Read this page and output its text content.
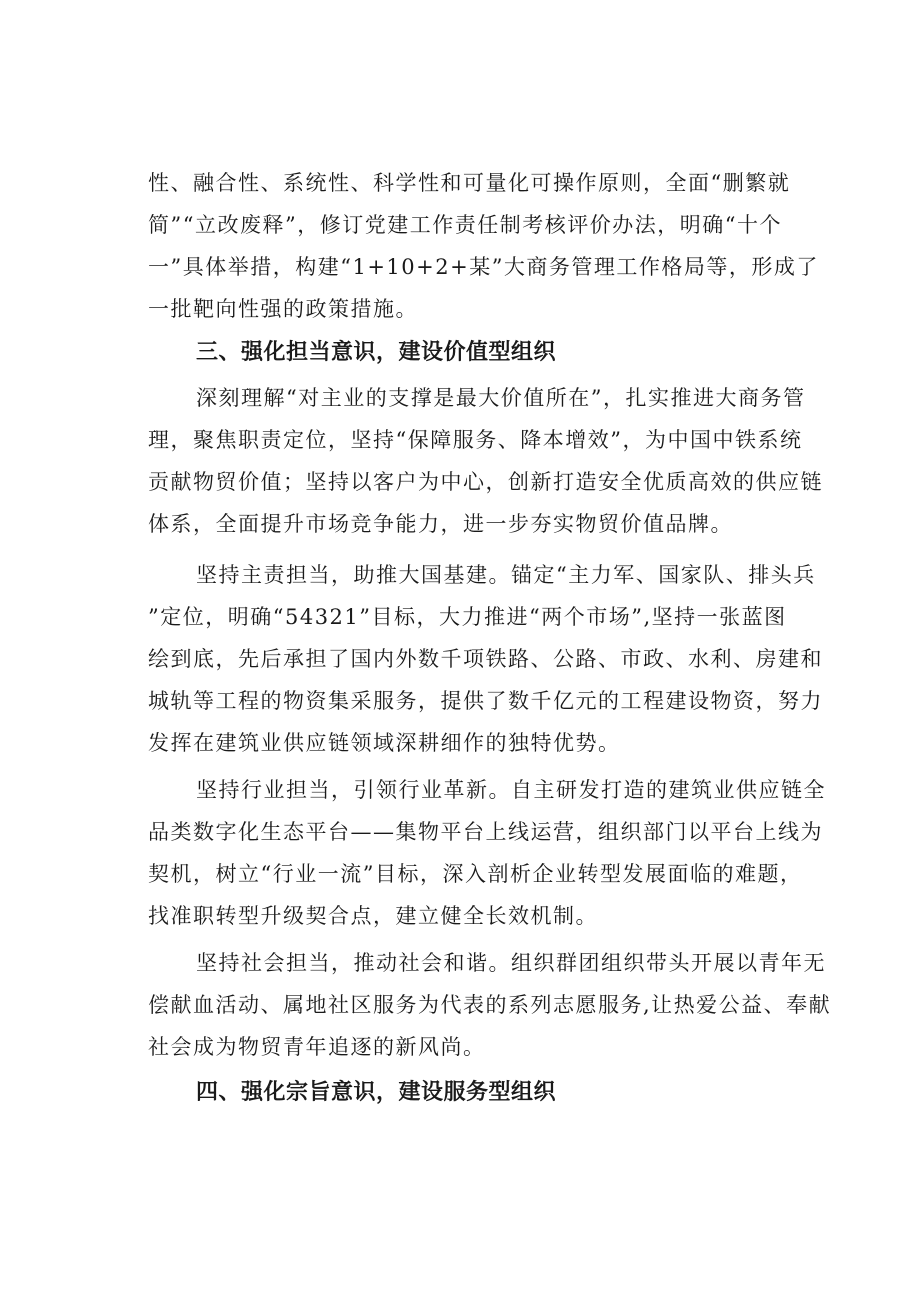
性、融合性、系统性、科学性和可量化可操作原则，全面“删繁就
简”“立改废释”，修订党建工作责任制考核评价办法，明确“十个
一”具体举措，构建“1+10+2+某”大商务管理工作格局等，形成了
一批靶向性强的政策措施。
三、强化担当意识，建设价值型组织
深刻理解“对主业的支撑是最大价值所在”，扎实推进大商务管
理，聚焦职责定位，坚持“保障服务、降本增效”，为中国中铁系统
贡献物贸价值；坚持以客户为中心，创新打造安全优质高效的供应链
体系，全面提升市场竞争能力，进一步夯实物贸价值品牌。
坚持主责担当，助推大国基建。锚定“主力军、国家队、排头兵
”定位，明确“54321”目标，大力推进“两个市场”,坚持一张蓝图
绘到底，先后承担了国内外数千项铁路、公路、市政、水利、房建和
城轨等工程的物资集采服务，提供了数千亿元的工程建设物资，努力
发挥在建筑业供应链领域深耕细作的独特优势。
坚持行业担当，引领行业革新。自主研发打造的建筑业供应链全
品类数字化生态平台——集物平台上线运营，组织部门以平台上线为
契机，树立“行业一流”目标，深入剖析企业转型发展面临的难题，
找准职转型升级契合点，建立健全长效机制。
坚持社会担当，推动社会和谐。组织群团组织带头开展以青年无
偿献血活动、属地社区服务为代表的系列志愿服务,让热爱公益、奉献
社会成为物贸青年追逐的新风尚。
四、强化宗旨意识，建设服务型组织
